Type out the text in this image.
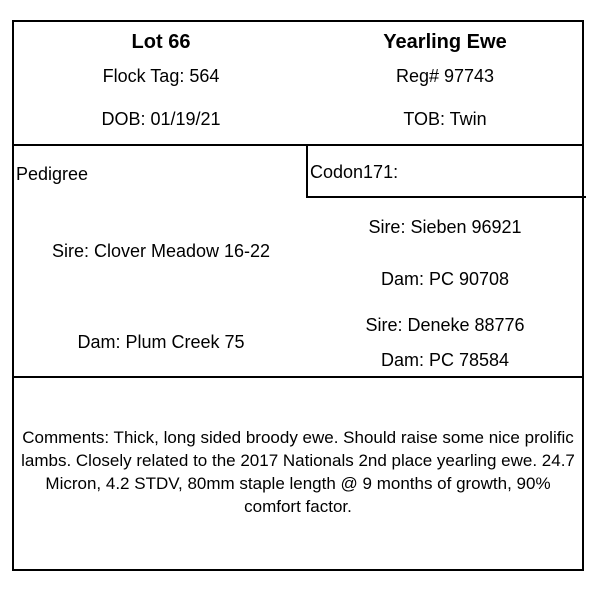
Lot 66	Yearling Ewe
Flock Tag: 564	Reg# 97743
DOB: 01/19/21	TOB: Twin
Pedigree	Codon171:
Sire: Clover Meadow 16-22
Dam: Plum Creek 75
Sire: Sieben 96921
Dam: PC 90708
Sire: Deneke 88776
Dam: PC 78584
Comments: Thick, long sided broody ewe. Should raise some nice prolific lambs. Closely related to the 2017 Nationals 2nd place yearling ewe. 24.7 Micron, 4.2 STDV, 80mm staple length @ 9 months of growth, 90% comfort factor.
